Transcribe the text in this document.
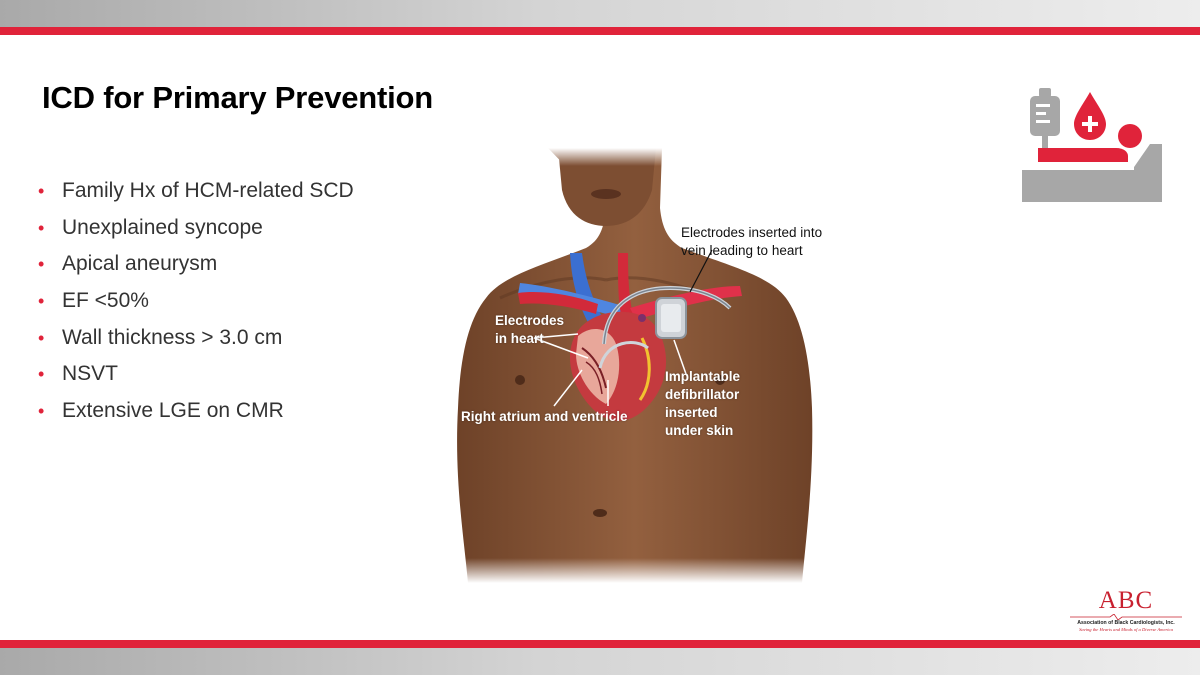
ICD for Primary Prevention
• Family Hx of HCM-related SCD
• Unexplained syncope
• Apical aneurysm
• EF <50%
• Wall thickness > 3.0 cm
• NSVT
• Extensive LGE on CMR
Electrodes
in heart
Electrodes inserted into
vein leading to heart
Right atrium and ventricle
Implantable
defibrillator
inserted
under skin
ABC
Association of Black Cardiologists, Inc.
Saving the Hearts and Minds of a Diverse America
